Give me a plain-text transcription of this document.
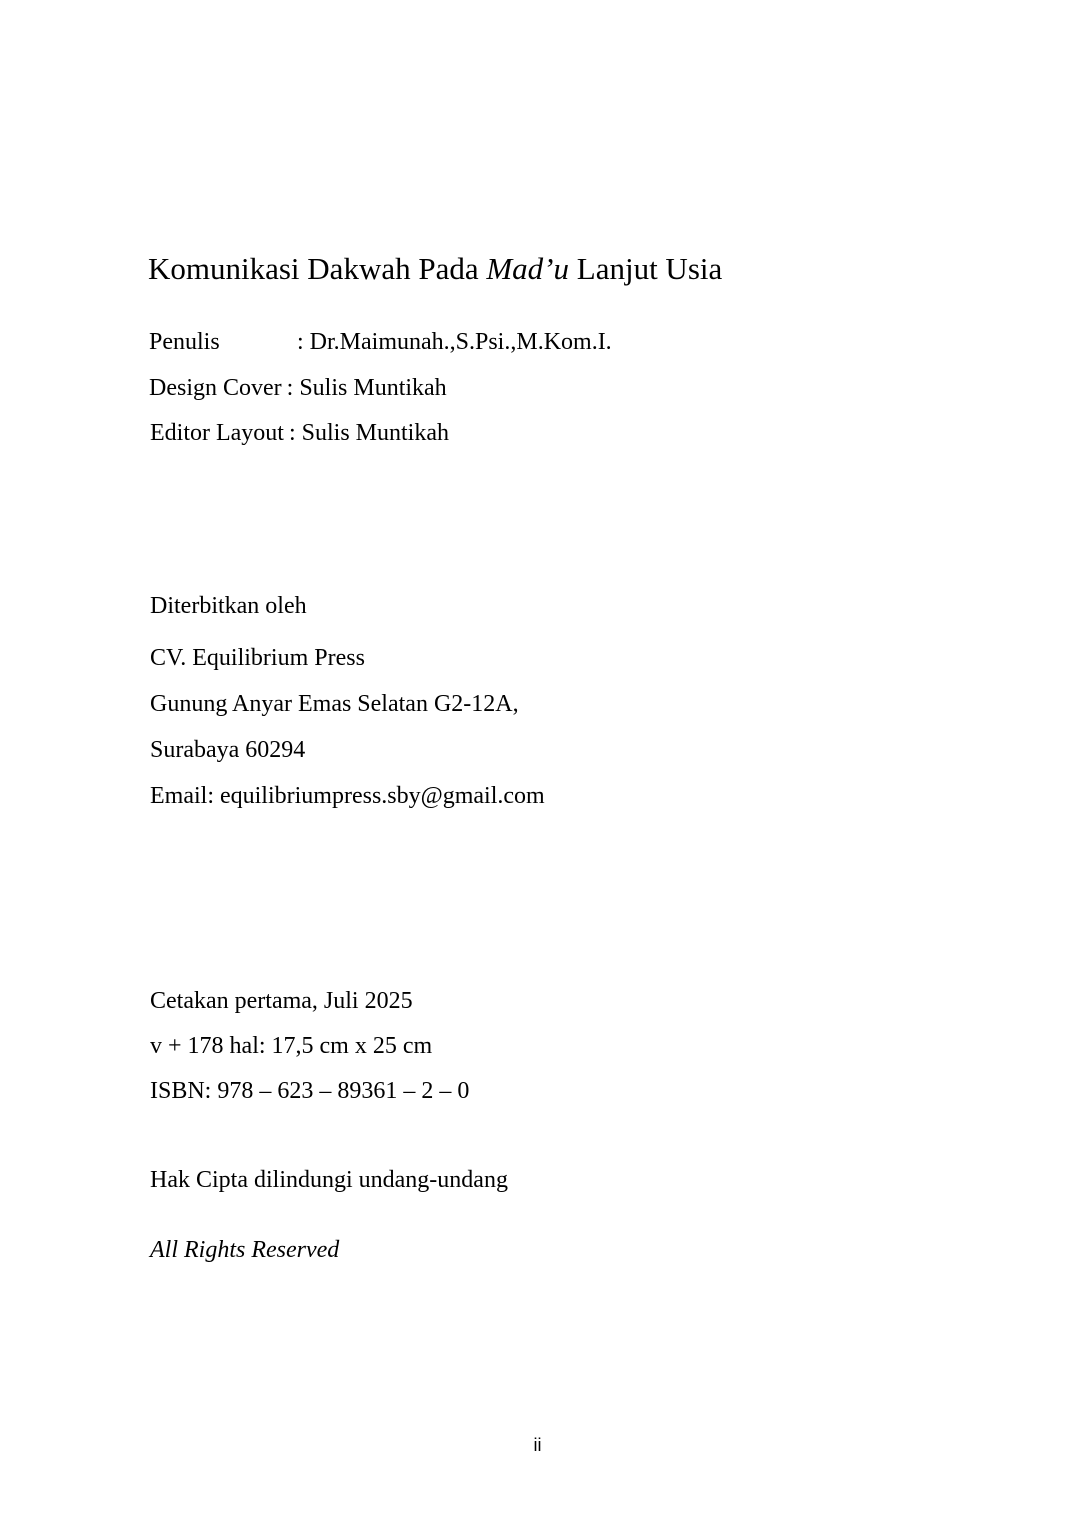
Komunikasi Dakwah Pada Mad’u Lanjut Usia
Penulis	: Dr.Maimunah.,S.Psi.,M.Kom.I.
Design Cover : Sulis Muntikah
Editor Layout : Sulis Muntikah
Diterbitkan oleh
CV. Equilibrium Press
Gunung Anyar Emas Selatan G2-12A,
Surabaya 60294
Email: equilibriumpress.sby@gmail.com
Cetakan pertama, Juli 2025
v + 178 hal: 17,5 cm x 25 cm
ISBN: 978 – 623 – 89361 – 2 – 0
Hak Cipta dilindungi undang-undang
All Rights Reserved
ii
